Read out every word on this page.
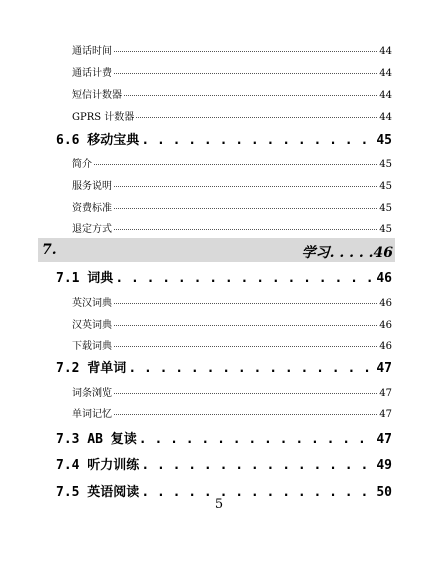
通话时间	44
通话计费	44
短信计数器	44
GPRS 计数器	44
6.6 移动宝典 . . .	45
简介	45
服务说明	45
资费标准	45
退定方式	45
7.	学习. . . . .46
7.1 词典 . . .	46
英汉词典	46
汉英词典	46
下载词典	46
7.2 背单词 . . .	47
词条浏览	47
单词记忆	47
7.3 AB 复读 . . .	47
7.4 听力训练 . . .	49
7.5 英语阅读 . . .	50
5
